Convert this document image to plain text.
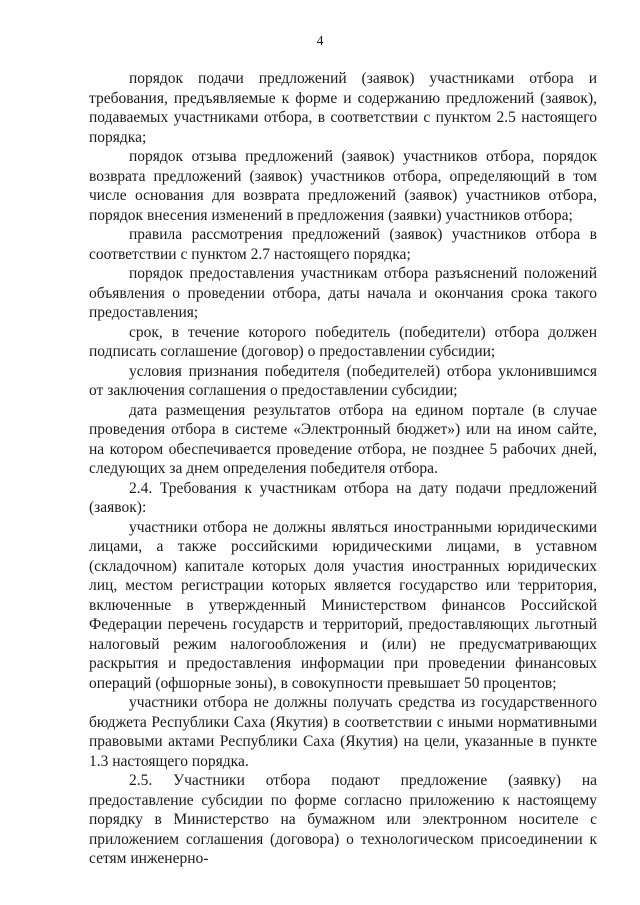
4

порядок подачи предложений (заявок) участниками отбора и требования, предъявляемые к форме и содержанию предложений (заявок), подаваемых участниками отбора, в соответствии с пунктом 2.5 настоящего порядка;

порядок отзыва предложений (заявок) участников отбора, порядок возврата предложений (заявок) участников отбора, определяющий в том числе основания для возврата предложений (заявок) участников отбора, порядок внесения изменений в предложения (заявки) участников отбора;

правила рассмотрения предложений (заявок) участников отбора в соответствии с пунктом 2.7 настоящего порядка;

порядок предоставления участникам отбора разъяснений положений объявления о проведении отбора, даты начала и окончания срока такого предоставления;

срок, в течение которого победитель (победители) отбора должен подписать соглашение (договор) о предоставлении субсидии;

условия признания победителя (победителей) отбора уклонившимся от заключения соглашения о предоставлении субсидии;

дата размещения результатов отбора на едином портале (в случае проведения отбора в системе «Электронный бюджет») или на ином сайте, на котором обеспечивается проведение отбора, не позднее 5 рабочих дней, следующих за днем определения победителя отбора.

2.4. Требования к участникам отбора на дату подачи предложений (заявок):

участники отбора не должны являться иностранными юридическими лицами, а также российскими юридическими лицами, в уставном (складочном) капитале которых доля участия иностранных юридических лиц, местом регистрации которых является государство или территория, включенные в утвержденный Министерством финансов Российской Федерации перечень государств и территорий, предоставляющих льготный налоговый режим налогообложения и (или) не предусматривающих раскрытия и предоставления информации при проведении финансовых операций (офшорные зоны), в совокупности превышает 50 процентов;

участники отбора не должны получать средства из государственного бюджета Республики Саха (Якутия) в соответствии с иными нормативными правовыми актами Республики Саха (Якутия) на цели, указанные в пункте 1.3 настоящего порядка.

2.5. Участники отбора подают предложение (заявку) на предоставление субсидии по форме согласно приложению к настоящему порядку в Министерство на бумажном или электронном носителе с приложением соглашения (договора) о технологическом присоединении к сетям инженерно-
